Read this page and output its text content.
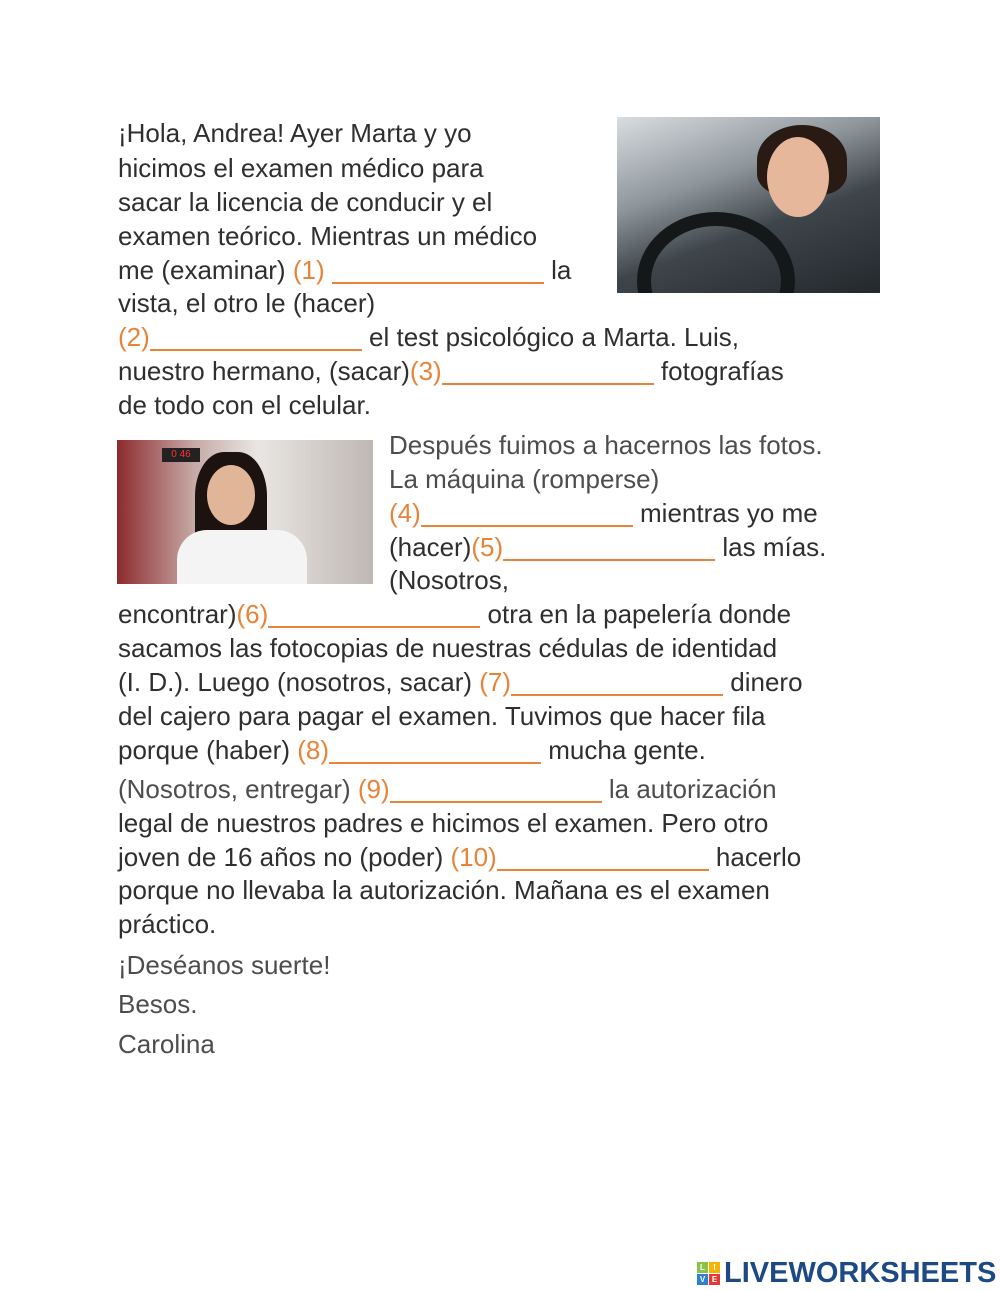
¡Hola, Andrea! Ayer Marta y yo
hicimos el examen médico para
sacar la licencia de conducir y el
examen teórico. Mientras un médico
me (examinar) (1)	la
vista, el otro le (hacer)
(2)	el test psicológico a Marta. Luis,
nuestro hermano, (sacar)(3)	fotografías
de todo con el celular.
Después fuimos a hacernos las fotos.
La máquina (romperse)
(4)	mientras yo me
(hacer)(5)	las mías.
(Nosotros,
encontrar)(6)	otra en la papelería donde
sacamos las fotocopias de nuestras cédulas de identidad
(I. D.). Luego (nosotros, sacar) (7)	dinero
del cajero para pagar el examen. Tuvimos que hacer fila
porque (haber) (8)	mucha gente.
(Nosotros, entregar) (9)	la autorización
legal de nuestros padres e hicimos el examen. Pero otro
joven de 16 años no (poder) (10)	hacerlo
porque no llevaba la autorización. Mañana es el examen
práctico.
¡Deséanos suerte!
Besos.
Carolina
0 46
L	I
V E LIVEWORKSHEETS
